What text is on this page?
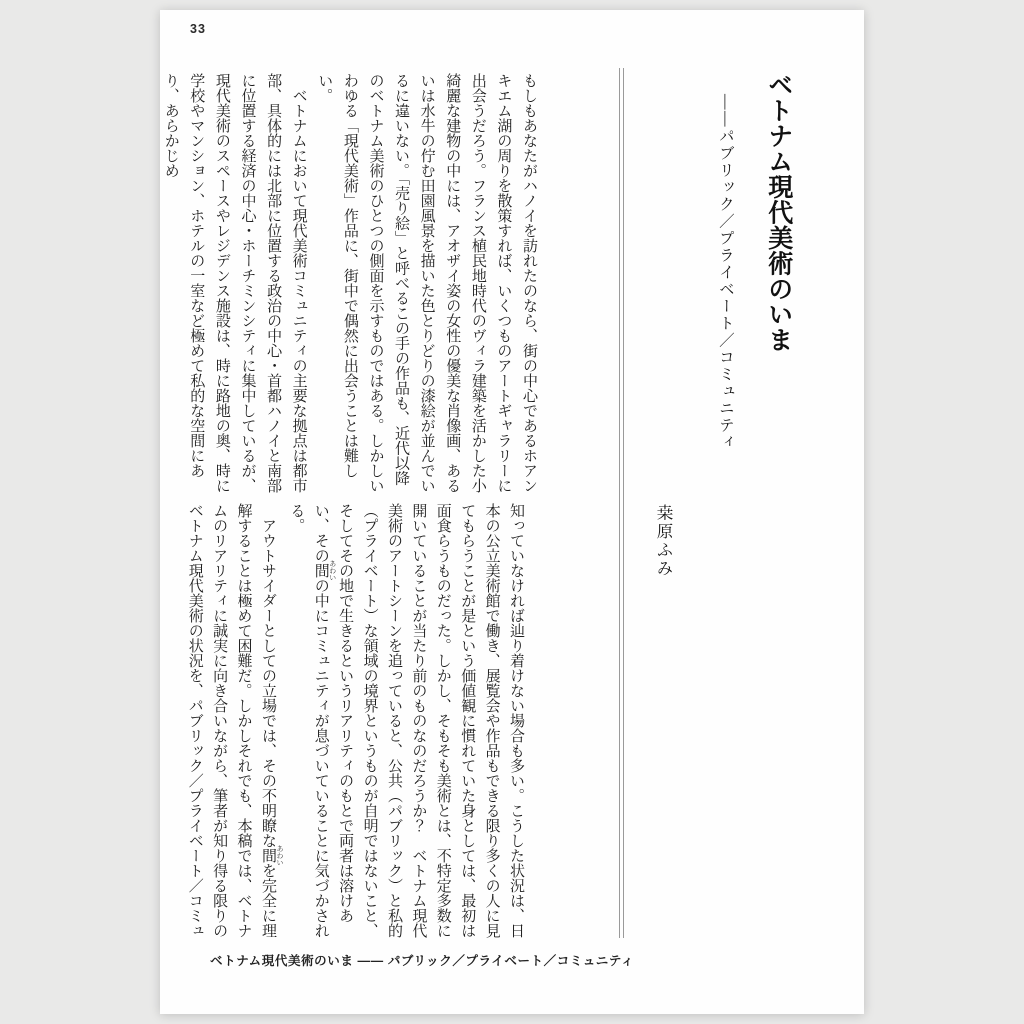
33
ベトナム現代美術のいま
――パブリック／プライベート／コミュニティ
桒原ふみ

もしもあなたがハノイを訪れたのなら、街の中心であるホアンキエム湖の周りを散策すれば、いくつものアートギャラリーに出会うだろう。フランス植民地時代のヴィラ建築を活かした小綺麗な建物の中には、アオザイ姿の女性の優美な肖像画、あるいは水牛の佇む田園風景を描いた色とりどりの漆絵が並んでいるに違いない。「売り絵」と呼べるこの手の作品も、近代以降のベトナム美術のひとつの側面を示すものではある。しかしいわゆる「現代美術」作品に、街中で偶然に出会うことは難しい。

ベトナムにおいて現代美術コミュニティの主要な拠点は都市部、具体的には北部に位置する政治の中心・首都ハノイと南部に位置する経済の中心・ホーチミンシティに集中しているが、現代美術のスペースやレジデンス施設は、時に路地の奥、時に学校やマンション、ホテルの一室など極めて私的な空間にあり、あらかじめ

知っていなければ辿り着けない場合も多い。こうした状況は、日本の公立美術館で働き、展覧会や作品もできる限り多くの人に見てもらうことが是という価値観に慣れていた身としては、最初は面食らうものだった。しかし、そもそも美術とは、不特定多数に開いていることが当たり前のものなのだろうか？　ベトナム現代美術のアートシーンを追っていると、公共（パブリック）と私的（プライベート）な領域の境界というものが自明ではないこと、そしてその地で生きるというリアリティのもとで両者は溶けあい、その間 あわいの中にコミュニティが息づいていることに気づかされる。

アウトサイダーとしての立場では、その不明瞭な間 あわいを完全に理解することは極めて困難だ。しかしそれでも、本稿では、ベトナムのリアリティに誠実に向き合いながら、筆者が知り得る限りのベトナム現代美術の状況を、パブリック／プライベート／コミュ

ベトナム現代美術のいま ―― パブリック／プライベート／コミュニティ
